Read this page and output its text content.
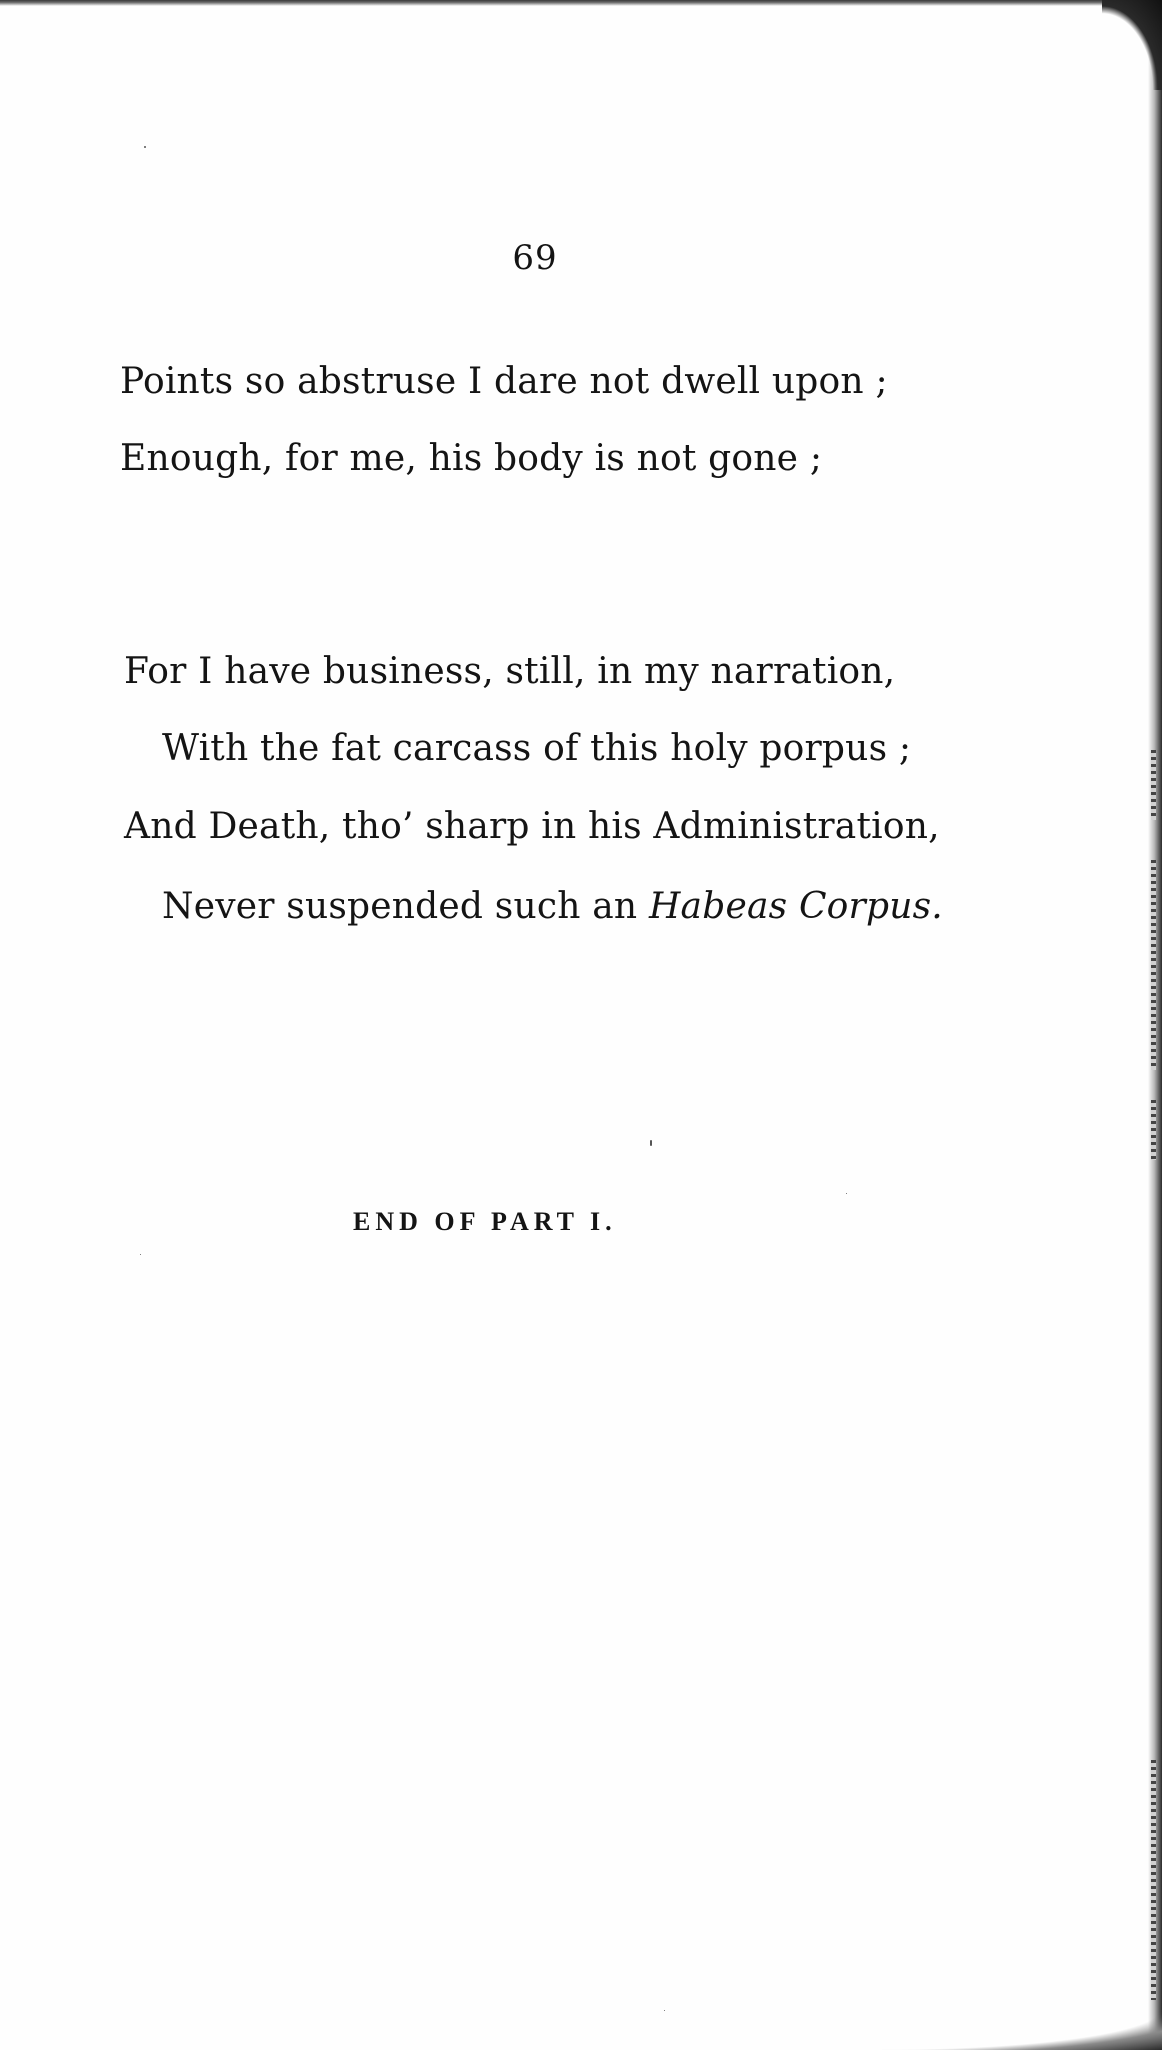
69
Points so abstruse I dare not dwell upon ;
Enough, for me, his body is not gone ;
For I have business, still, in my narration,
With the fat carcass of this holy porpus ;
And Death, tho’ sharp in his Administration,
Never suspended such an Habeas Corpus.
END OF PART I.
